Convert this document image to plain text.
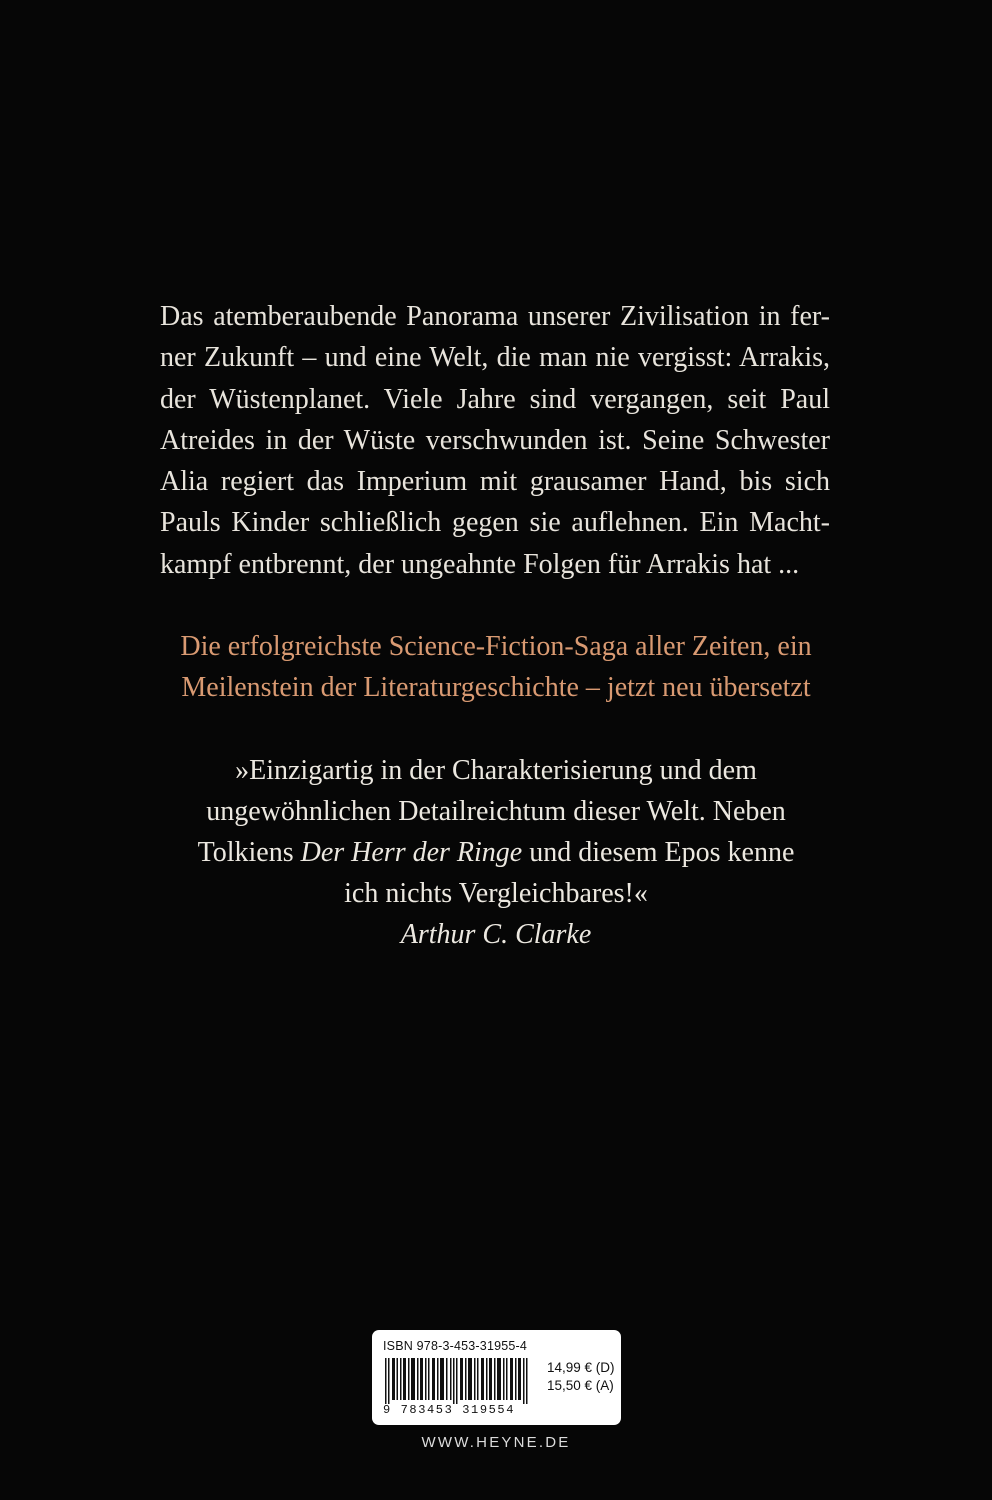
Das atemberaubende Panorama unserer Zivilisation in fer-
ner Zukunft – und eine Welt, die man nie vergisst: Arrakis,
der Wüstenplanet. Viele Jahre sind vergangen, seit Paul
Atreides in der Wüste verschwunden ist. Seine Schwester
Alia regiert das Imperium mit grausamer Hand, bis sich
Pauls Kinder schließlich gegen sie auflehnen. Ein Macht-
kampf entbrennt, der ungeahnte Folgen für Arrakis hat ...
Die erfolgreichste Science-Fiction-Saga aller Zeiten, ein
Meilenstein der Literaturgeschichte – jetzt neu übersetzt
»Einzigartig in der Charakterisierung und dem
ungewöhnlichen Detailreichtum dieser Welt. Neben
Tolkiens Der Herr der Ringe und diesem Epos kenne
ich nichts Vergleichbares!«
Arthur C. Clarke
ISBN 978-3-453-31955-4
9 783453 319554
14,99 € (D)
15,50 € (A)
WWW.HEYNE.DE
